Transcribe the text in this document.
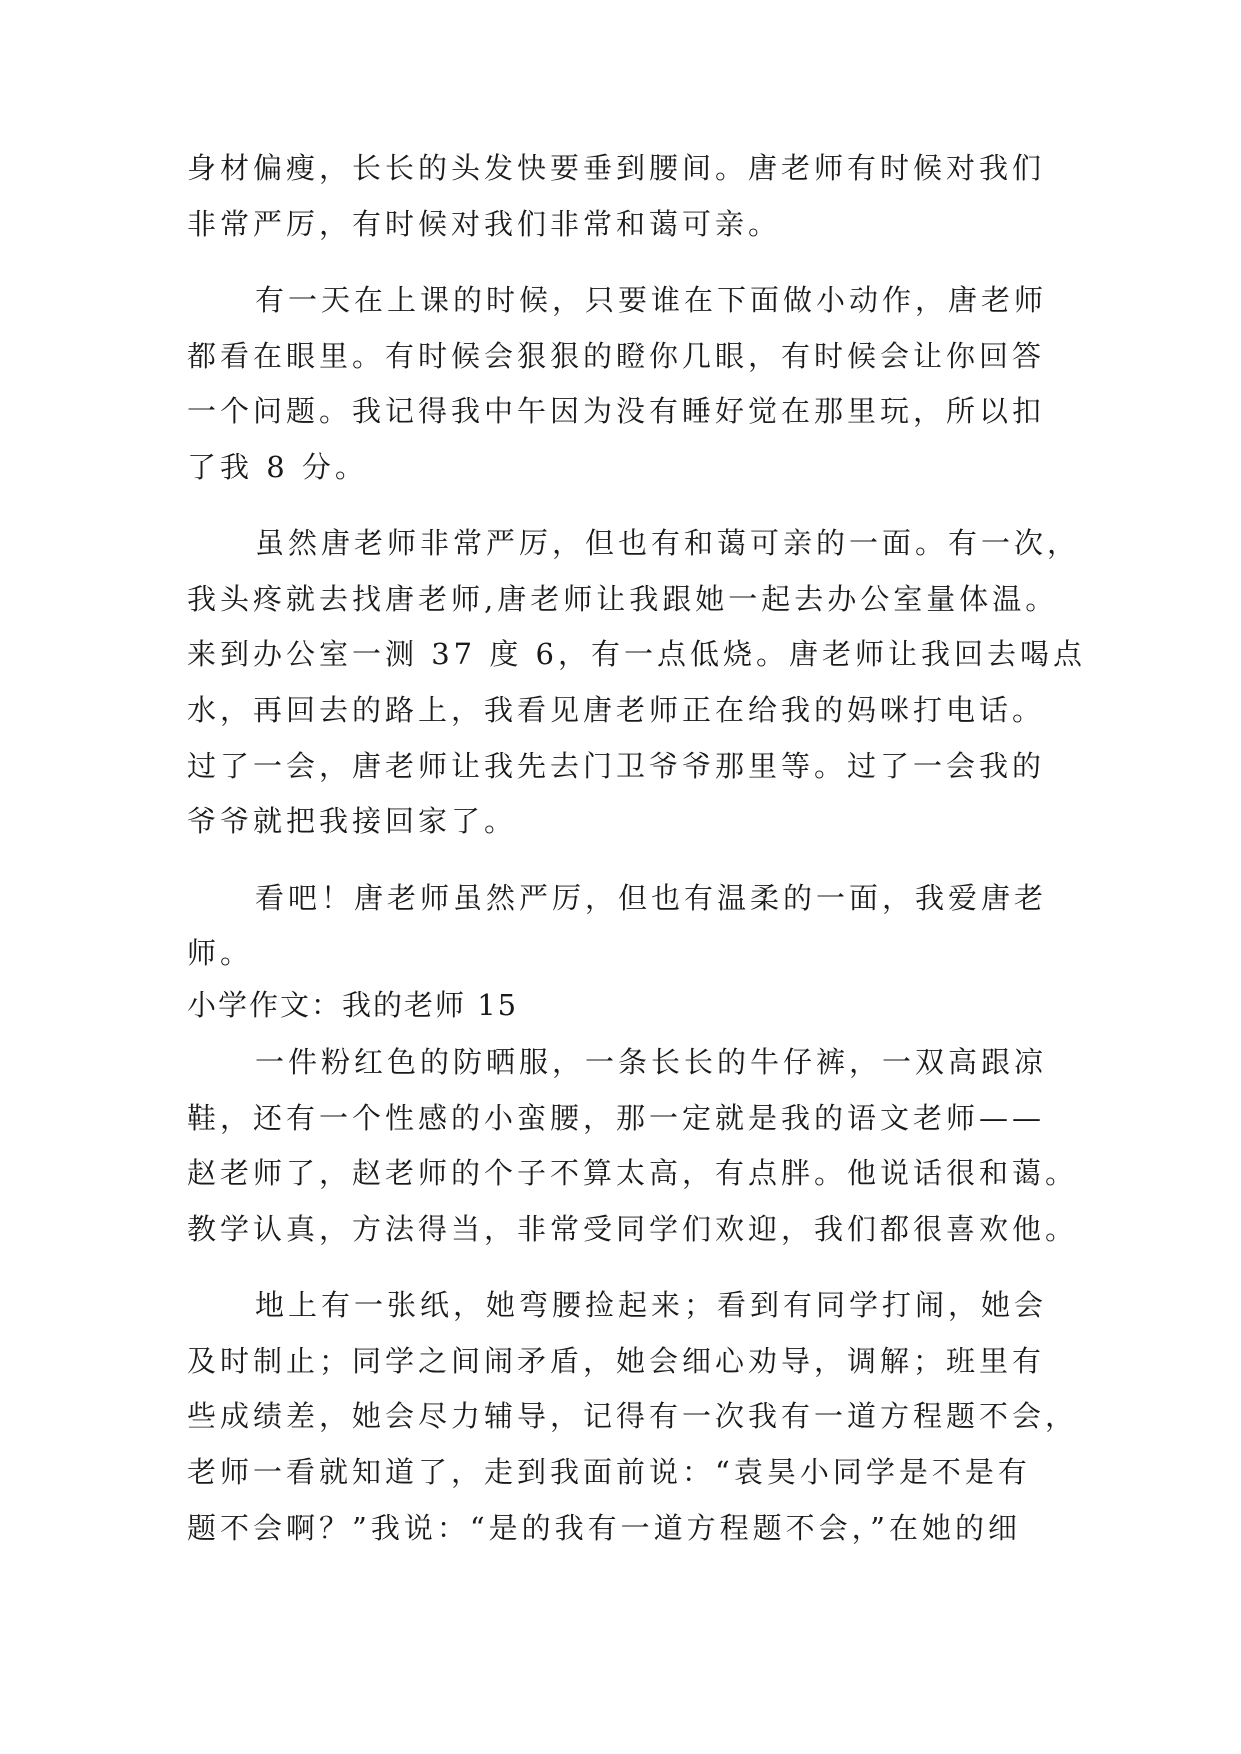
身材偏瘦，长长的头发快要垂到腰间。唐老师有时候对我们
非常严厉，有时候对我们非常和蔼可亲。
有一天在上课的时候，只要谁在下面做小动作，唐老师
都看在眼里。有时候会狠狠的瞪你几眼，有时候会让你回答
一个问题。我记得我中午因为没有睡好觉在那里玩，所以扣
了我 8 分。
虽然唐老师非常严厉，但也有和蔼可亲的一面。有一次，
我头疼就去找唐老师,唐老师让我跟她一起去办公室量体温。
来到办公室一测 37 度 6，有一点低烧。唐老师让我回去喝点
水，再回去的路上，我看见唐老师正在给我的妈咪打电话。
过了一会，唐老师让我先去门卫爷爷那里等。过了一会我的
爷爷就把我接回家了。
看吧！唐老师虽然严厉，但也有温柔的一面，我爱唐老
师。
小学作文：我的老师 15
一件粉红色的防晒服，一条长长的牛仔裤，一双高跟凉
鞋，还有一个性感的小蛮腰，那一定就是我的语文老师——
赵老师了，赵老师的个子不算太高，有点胖。他说话很和蔼。
教学认真，方法得当，非常受同学们欢迎，我们都很喜欢他。
地上有一张纸，她弯腰捡起来；看到有同学打闹，她会
及时制止；同学之间闹矛盾，她会细心劝导，调解；班里有
些成绩差，她会尽力辅导，记得有一次我有一道方程题不会，
老师一看就知道了，走到我面前说：“袁昊小同学是不是有
题不会啊？”我说：“是的我有一道方程题不会，”在她的细
